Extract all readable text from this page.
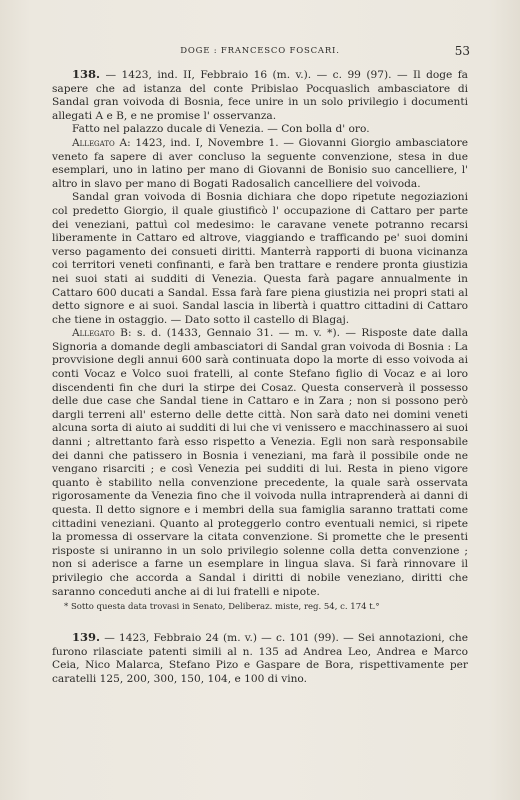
DOGE : FRANCESCO FOSCARI.	53

138. — 1423, ind. II, Febbraio 16 (m. v.). — c. 99 (97). — Il doge fa sapere che ad istanza del conte Pribislao Pocquaslich ambasciatore di Sandal gran voivoda di Bosnia, fece unire in un solo privilegio i documenti allegati A e B, e ne promise l' osservanza.

Fatto nel palazzo ducale di Venezia. — Con bolla d' oro.

Allegato A: 1423, ind. I, Novembre 1. — Giovanni Giorgio ambasciatore veneto fa sapere di aver concluso la seguente convenzione, stesa in due esemplari, uno in latino per mano di Giovanni de Bonisio suo cancelliere, l' altro in slavo per mano di Bogati Radosalich cancelliere del voivoda.

Sandal gran voivoda di Bosnia dichiara che dopo ripetute negoziazioni col predetto Giorgio, il quale giustificò l' occupazione di Cattaro per parte dei veneziani, pattuì col medesimo: le caravane venete potranno recarsi liberamente in Cattaro ed altrove, viaggiando e trafficando pe' suoi domini verso pagamento dei consueti diritti. Manterrà rapporti di buona vicinanza coi territori veneti confinanti, e farà ben trattare e rendere pronta giustizia nei suoi stati ai sudditi di Venezia. Questa farà pagare annualmente in Cattaro 600 ducati a Sandal. Essa farà fare piena giustizia nei propri stati al detto signore e ai suoi. Sandal lascia in libertà i quattro cittadini di Cattaro che tiene in ostaggio. — Dato sotto il castello di Blagaj.

Allegato B: s. d. (1433, Gennaio 31. — m. v. *). — Risposte date dalla Signoria a domande degli ambasciatori di Sandal gran voivoda di Bosnia : La provvisione degli annui 600 sarà continuata dopo la morte di esso voivoda ai conti Vocaz e Volco suoi fratelli, al conte Stefano figlio di Vocaz e ai loro discendenti fin che duri la stirpe dei Cosaz. Questa conserverà il possesso delle due case che Sandal tiene in Cattaro e in Zara ; non si possono però dargli terreni all' esterno delle dette città. Non sarà dato nei domini veneti alcuna sorta di aiuto ai sudditi di lui che vi venissero e macchinassero ai suoi danni ; altrettanto farà esso rispetto a Venezia. Egli non sarà responsabile dei danni che patissero in Bosnia i veneziani, ma farà il possibile onde ne vengano risarciti ; e così Venezia pei sudditi di lui. Resta in pieno vigore quanto è stabilito nella convenzione precedente, la quale sarà osservata rigorosamente da Venezia fino che il voivoda nulla intraprenderà ai danni di questa. Il detto signore e i membri della sua famiglia saranno trattati come cittadini veneziani. Quanto al proteggerlo contro eventuali nemici, si ripete la promessa di osservare la citata convenzione. Si promette che le presenti risposte si uniranno in un solo privilegio solenne colla detta convenzione ; non si aderisce a farne un esemplare in lingua slava. Si farà rinnovare il privilegio che accorda a Sandal i diritti di nobile veneziano, diritti che saranno conceduti anche ai di lui fratelli e nipote.

* Sotto questa data trovasi in Senato, Deliberaz. miste, reg. 54, c. 174 t.°

139. — 1423, Febbraio 24 (m. v.) — c. 101 (99). — Sei annotazioni, che furono rilasciate patenti simili al n. 135 ad Andrea Leo, Andrea e Marco Ceia, Nico Malarca, Stefano Pizo e Gaspare de Bora, rispettivamente per caratelli 125, 200, 300, 150, 104, e 100 di vino.
